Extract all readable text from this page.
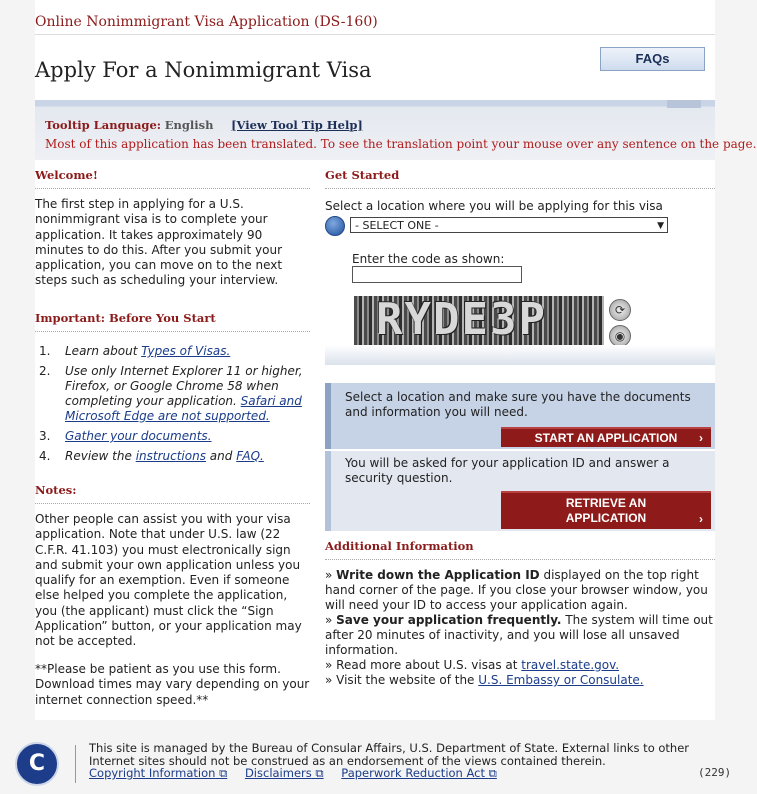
Online Nonimmigrant Visa Application (DS-160)
FAQs
Apply For a Nonimmigrant Visa
Tooltip Language: English [View Tool Tip Help]
Most of this application has been translated. To see the translation point your mouse over any sentence on the page.
Welcome!
The first step in applying for a U.S. nonimmigrant visa is to complete your application. It takes approximately 90 minutes to do this. After you submit your application, you can move on to the next steps such as scheduling your interview.
Important: Before You Start
1. Learn about Types of Visas.
2. Use only Internet Explorer 11 or higher, Firefox, or Google Chrome 58 when completing your application. Safari and Microsoft Edge are not supported.
3. Gather your documents.
4. Review the instructions and FAQ.
Notes:
Other people can assist you with your visa application. Note that under U.S. law (22 C.F.R. 41.103) you must electronically sign and submit your own application unless you qualify for an exemption. Even if someone else helped you complete the application, you (the applicant) must click the “Sign Application” button, or your application may not be accepted.
**Please be patient as you use this form. Download times may vary depending on your internet connection speed.**
Get Started
Select a location where you will be applying for this visa
- SELECT ONE -	▼
Enter the code as shown:
RYDE3P	⟳
◉
Select a location and make sure you have the documents and information you will need.
START AN APPLICATION ›
You will be asked for your application ID and answer a security question.
RETRIEVE AN
APPLICATION	›
Additional Information

» Write down the Application ID displayed on the top right hand corner of the page. If you close your browser window, you will need your ID to access your application again.

» Save your application frequently. The system will time out after 20 minutes of inactivity, and you will lose all unsaved information.

» Read more about U.S. visas at travel.state.gov.

» Visit the website of the U.S. Embassy or Consulate.

C
This site is managed by the Bureau of Consular Affairs, U.S. Department of State. External links to other Internet sites should not be construed as an endorsement of the views contained therein.
Copyright Information ⧉ Disclaimers ⧉ Paperwork Reduction Act ⧉	(229)
